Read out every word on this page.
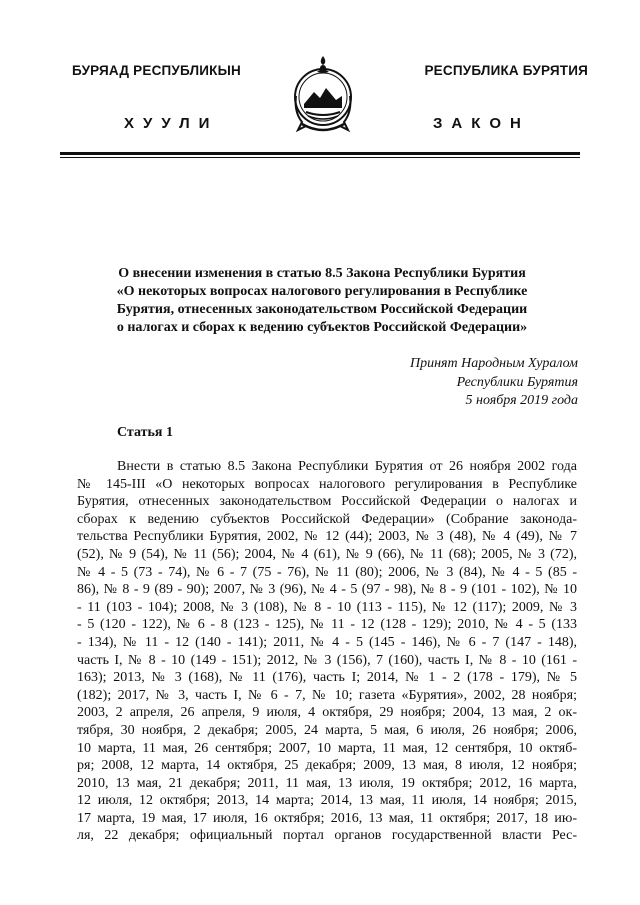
БУРЯАД РЕСПУБЛИКЫН
ХУУЛИ
РЕСПУБЛИКА БУРЯТИЯ
ЗАКОН
О внесении изменения в статью 8.5 Закона Республики Бурятия
«О некоторых вопросах налогового регулирования в Республике
Бурятия, отнесенных законодательством Российской Федерации
о налогах и сборах к ведению субъектов Российской Федерации»
Принят Народным Хуралом
Республики Бурятия
5 ноября 2019 года
Статья 1
Внести в статью 8.5 Закона Республики Бурятия от 26 ноября 2002 года
№ 145-III «О некоторых вопросах налогового регулирования в Республике
Бурятия, отнесенных законодательством Российской Федерации о налогах и
сборах к ведению субъектов Российской Федерации» (Собрание законода-
тельства Республики Бурятия, 2002, № 12 (44); 2003, № 3 (48), № 4 (49), № 7
(52), № 9 (54), № 11 (56); 2004, № 4 (61), № 9 (66), № 11 (68); 2005, № 3 (72),
№ 4 - 5 (73 - 74), № 6 - 7 (75 - 76), № 11 (80); 2006, № 3 (84), № 4 - 5 (85 -
86), № 8 - 9 (89 - 90); 2007, № 3 (96), № 4 - 5 (97 - 98), № 8 - 9 (101 - 102), № 10
- 11 (103 - 104); 2008, № 3 (108), № 8 - 10 (113 - 115), № 12 (117); 2009, № 3
- 5 (120 - 122), № 6 - 8 (123 - 125), № 11 - 12 (128 - 129); 2010, № 4 - 5 (133
- 134), № 11 - 12 (140 - 141); 2011, № 4 - 5 (145 - 146), № 6 - 7 (147 - 148),
часть I, № 8 - 10 (149 - 151); 2012, № 3 (156), 7 (160), часть I, № 8 - 10 (161 -
163); 2013, № 3 (168), № 11 (176), часть I; 2014, № 1 - 2 (178 - 179), № 5
(182); 2017, № 3, часть I, № 6 - 7, № 10; газета «Бурятия», 2002, 28 ноября;
2003, 2 апреля, 26 апреля, 9 июля, 4 октября, 29 ноября; 2004, 13 мая, 2 ок-
тября, 30 ноября, 2 декабря; 2005, 24 марта, 5 мая, 6 июля, 26 ноября; 2006,
10 марта, 11 мая, 26 сентября; 2007, 10 марта, 11 мая, 12 сентября, 10 октяб-
ря; 2008, 12 марта, 14 октября, 25 декабря; 2009, 13 мая, 8 июля, 12 ноября;
2010, 13 мая, 21 декабря; 2011, 11 мая, 13 июля, 19 октября; 2012, 16 марта,
12 июля, 12 октября; 2013, 14 марта; 2014, 13 мая, 11 июля, 14 ноября; 2015,
17 марта, 19 мая, 17 июля, 16 октября; 2016, 13 мая, 11 октября; 2017, 18 ию-
ля, 22 декабря; официальный портал органов государственной власти Рес-
